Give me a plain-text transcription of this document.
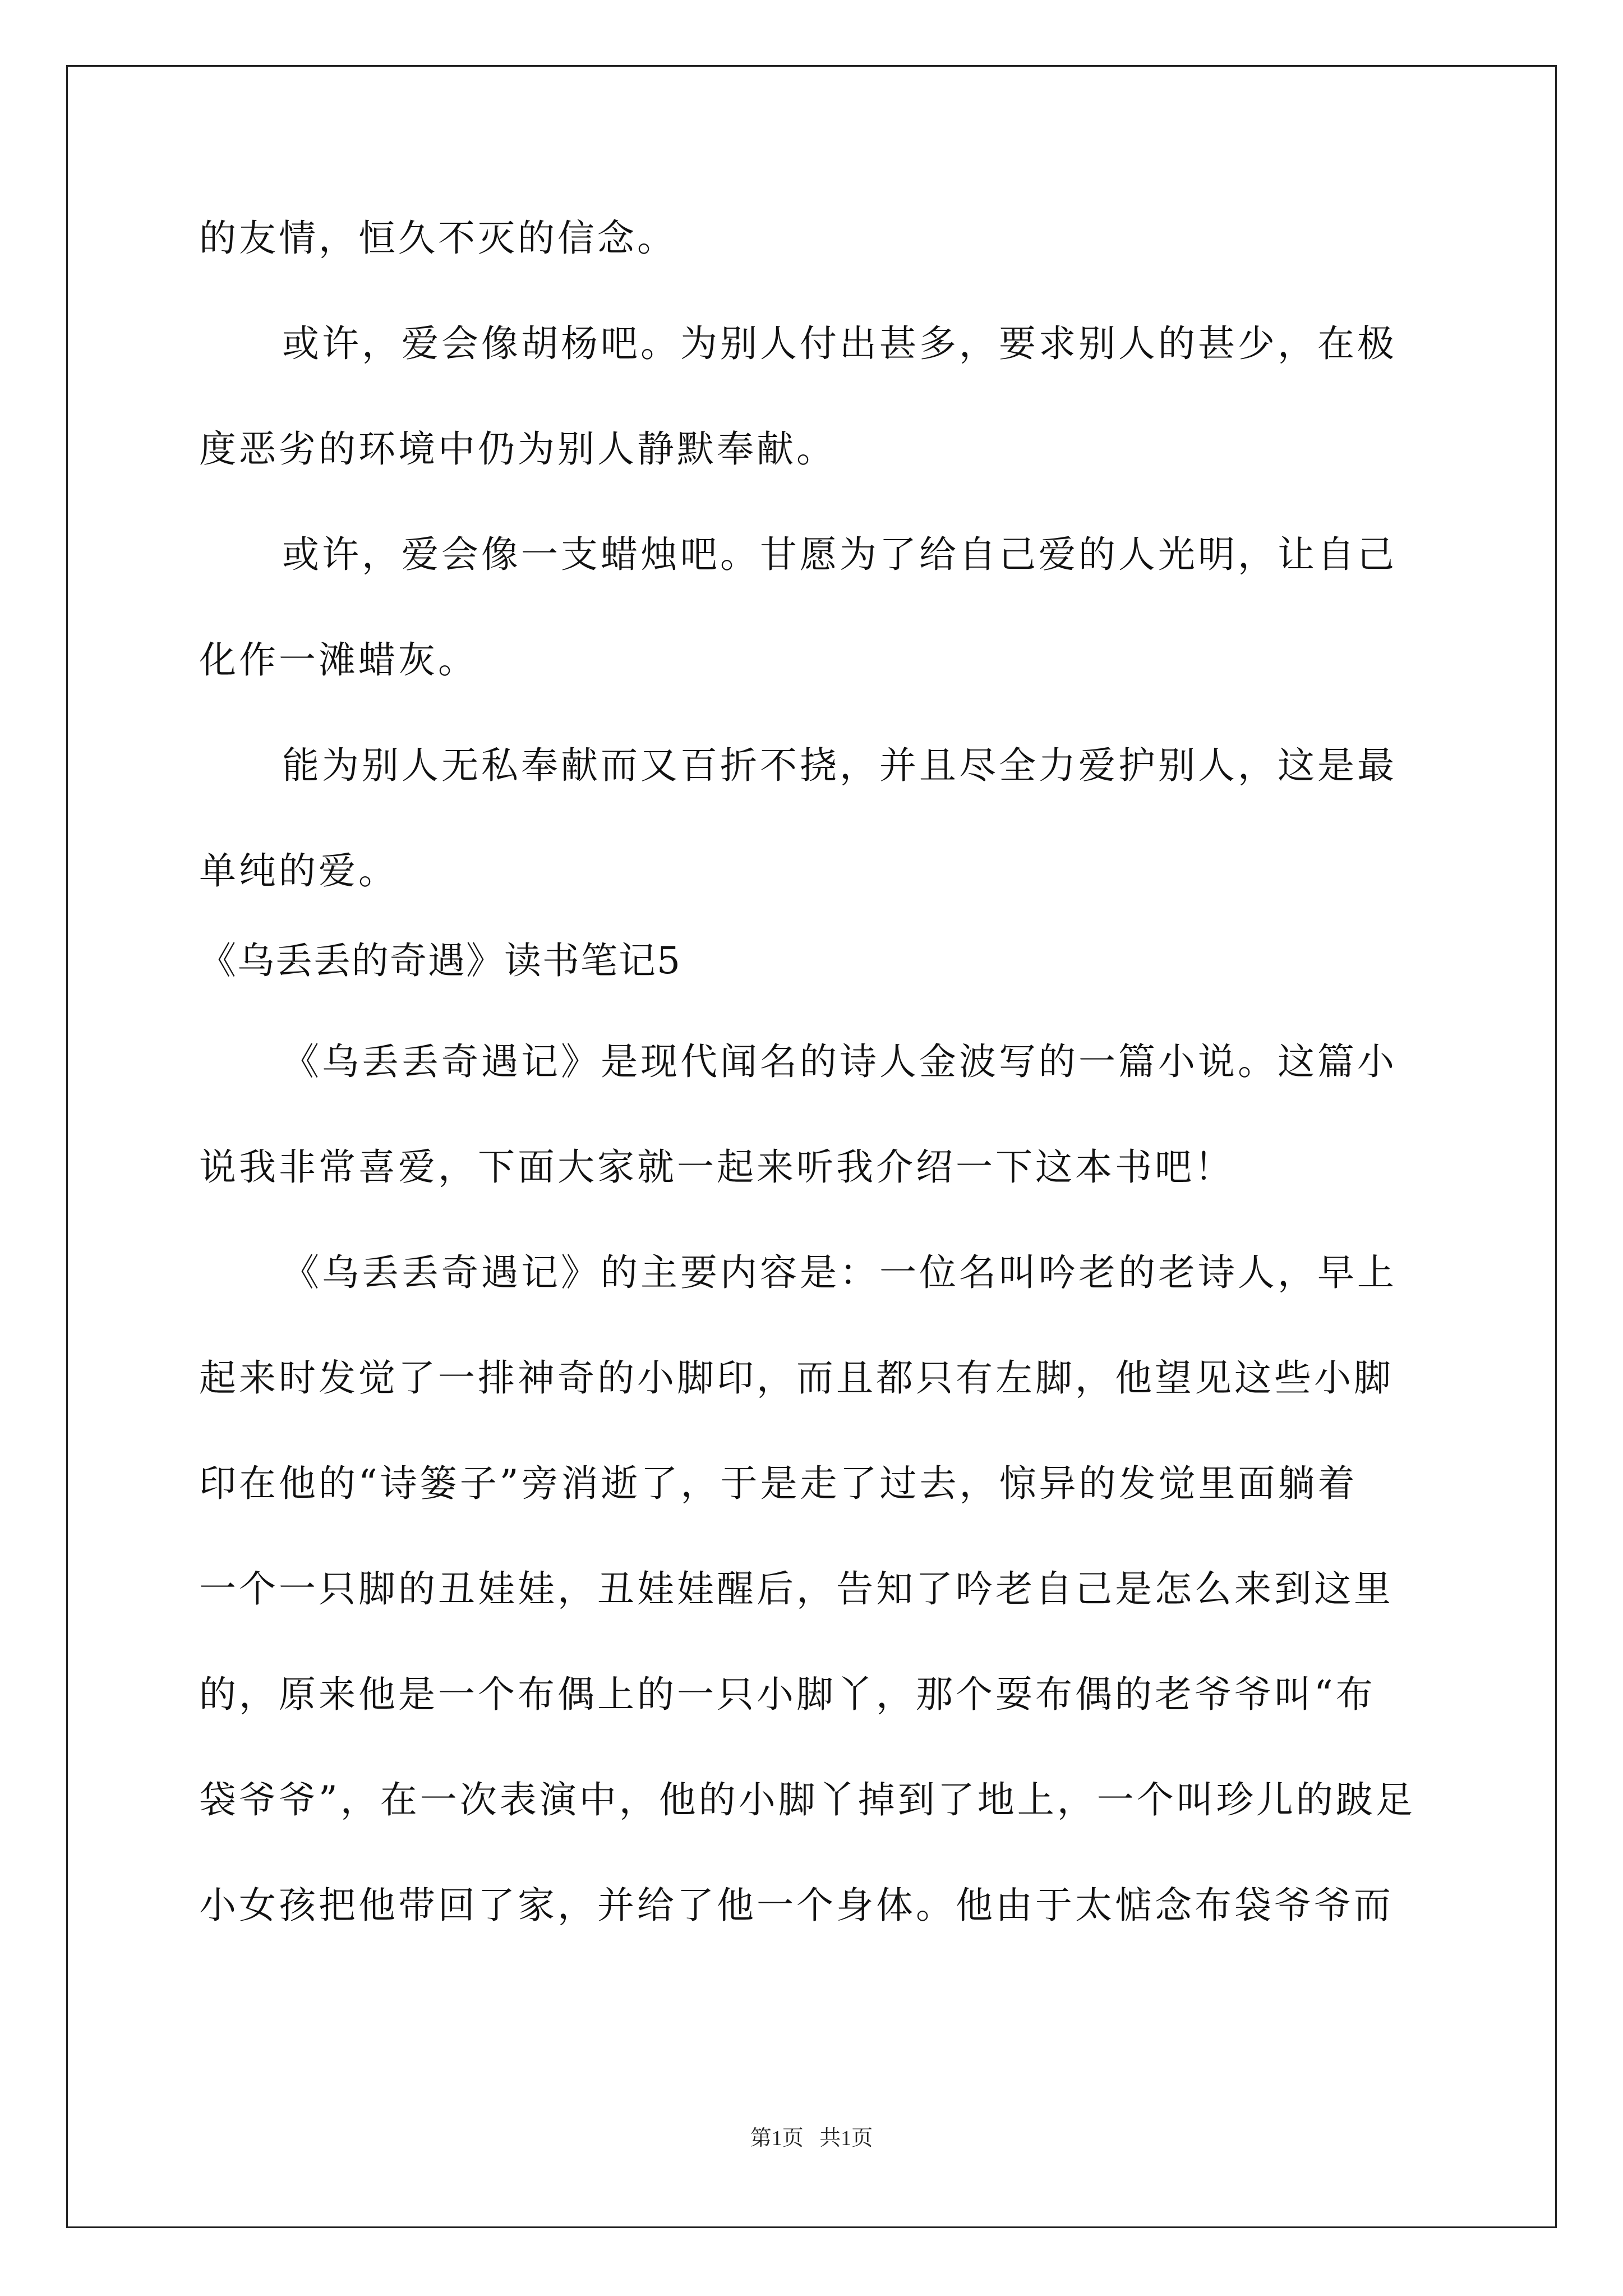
的友情，恒久不灭的信念。
或许，爱会像胡杨吧。为别人付出甚多，要求别人的甚少，在极
度恶劣的环境中仍为别人静默奉献。
或许，爱会像一支蜡烛吧。甘愿为了给自己爱的人光明，让自己
化作一滩蜡灰。
能为别人无私奉献而又百折不挠，并且尽全力爱护别人，这是最
单纯的爱。
《乌丢丢的奇遇》读书笔记5
《乌丢丢奇遇记》是现代闻名的诗人金波写的一篇小说。这篇小
说我非常喜爱，下面大家就一起来听我介绍一下这本书吧！
《乌丢丢奇遇记》的主要内容是：一位名叫吟老的老诗人，早上
起来时发觉了一排神奇的小脚印，而且都只有左脚，他望见这些小脚
印在他的“诗篓子”旁消逝了，于是走了过去，惊异的发觉里面躺着
一个一只脚的丑娃娃，丑娃娃醒后，告知了吟老自己是怎么来到这里
的，原来他是一个布偶上的一只小脚丫，那个耍布偶的老爷爷叫“布
袋爷爷”，在一次表演中，他的小脚丫掉到了地上，一个叫珍儿的跛足
小女孩把他带回了家，并给了他一个身体。他由于太惦念布袋爷爷而
第1页   共1页
